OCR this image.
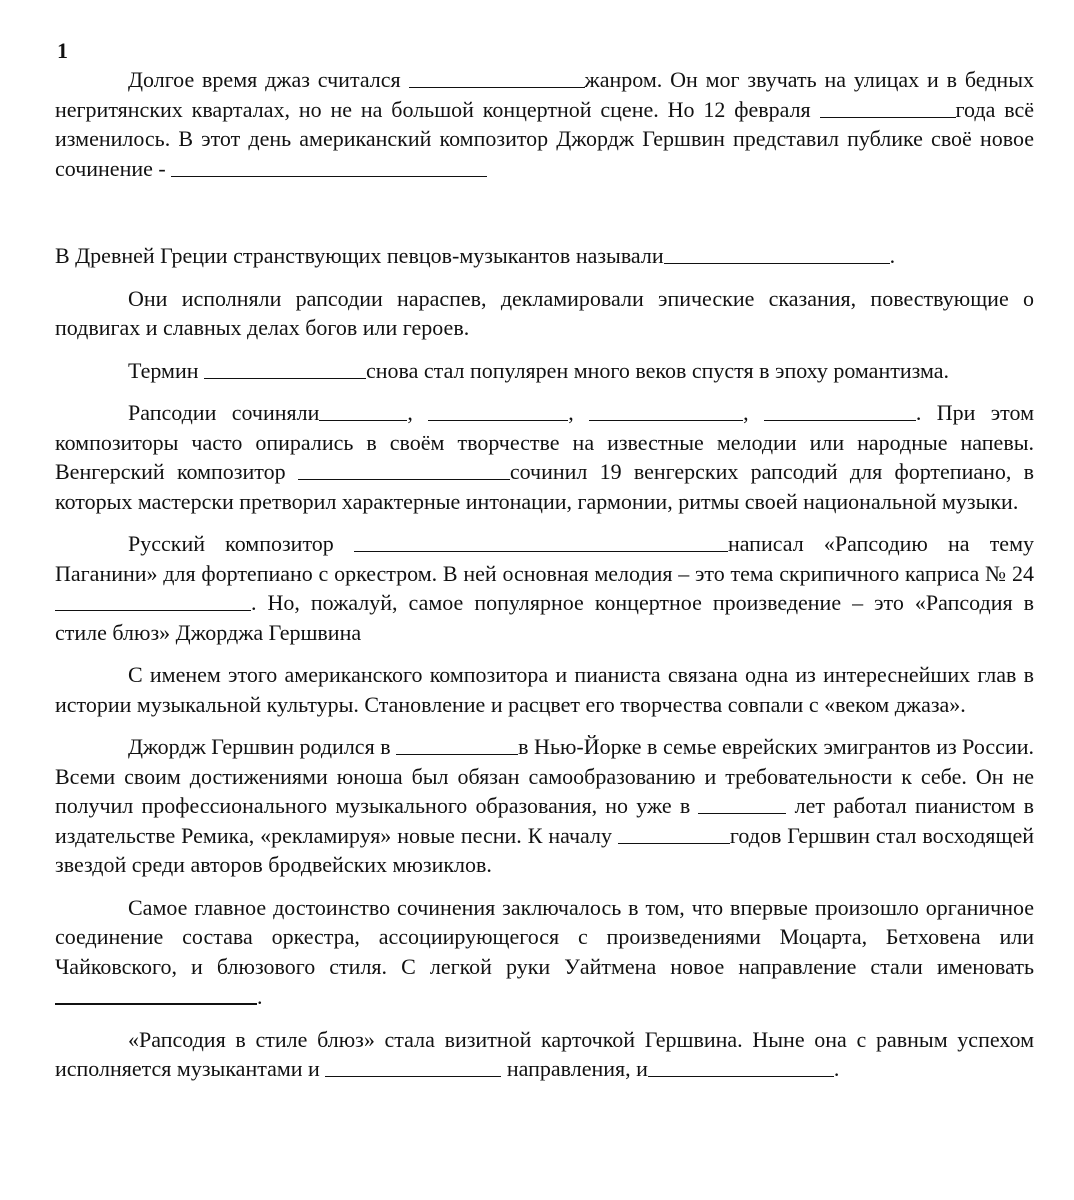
1

Долгое время джаз считался	жанром. Он мог звучать на улицах и в бедных негритянских кварталах, но не на большой концертной сцене. Но 12 февраля	года всё изменилось. В этот день американский композитор Джордж Гершвин представил публике своё новое сочинение -

В Древней Греции странствующих певцов-музыкантов называли	.

Они исполняли рапсодии нараспев, декламировали эпические сказания, повествующие о подвигах и славных делах богов или героев.

Термин	снова стал популярен много веков спустя в эпоху романтизма.

Рапсодии сочиняли	,	,	,	. При этом композиторы часто опирались в своём творчестве на известные мелодии или народные напевы. Венгерский композитор	сочинил 19 венгерских рапсодий для фортепиано, в которых мастерски претворил характерные интонации, гармонии, ритмы своей национальной музыки.

Русский композитор	написал «Рапсодию на тему Паганини» для фортепиано с оркестром. В ней основная мелодия – это тема скрипичного каприса № 24. Но, пожалуй, самое популярное концертное произведение – это «Рапсодия в стиле блюз» Джорджа Гершвина

С именем этого американского композитора и пианиста связана одна из интереснейших глав в истории музыкальной культуры. Становление и расцвет его творчества совпали с «веком джаза».

Джордж Гершвин родился в	в Нью-Йорке в семье еврейских эмигрантов из России. Всеми своим достижениями юноша был обязан самообразованию и требовательности к себе. Он не получил профессионального музыкального образования, но уже в	лет работал пианистом в издательстве Ремика, «рекламируя» новые песни. К началу	годов Гершвин стал восходящей звездой среди авторов бродвейских мюзиклов.

Самое главное достоинство сочинения заключалось в том, что впервые произошло органичное соединение состава оркестра, ассоциирующегося с произведениями Моцарта, Бетховена или Чайковского, и блюзового стиля. С легкой руки Уайтмена новое направление стали именовать.

«Рапсодия в стиле блюз» стала визитной карточкой Гершвина. Ныне она с равным успехом исполняется музыкантами и	направления, и	.
